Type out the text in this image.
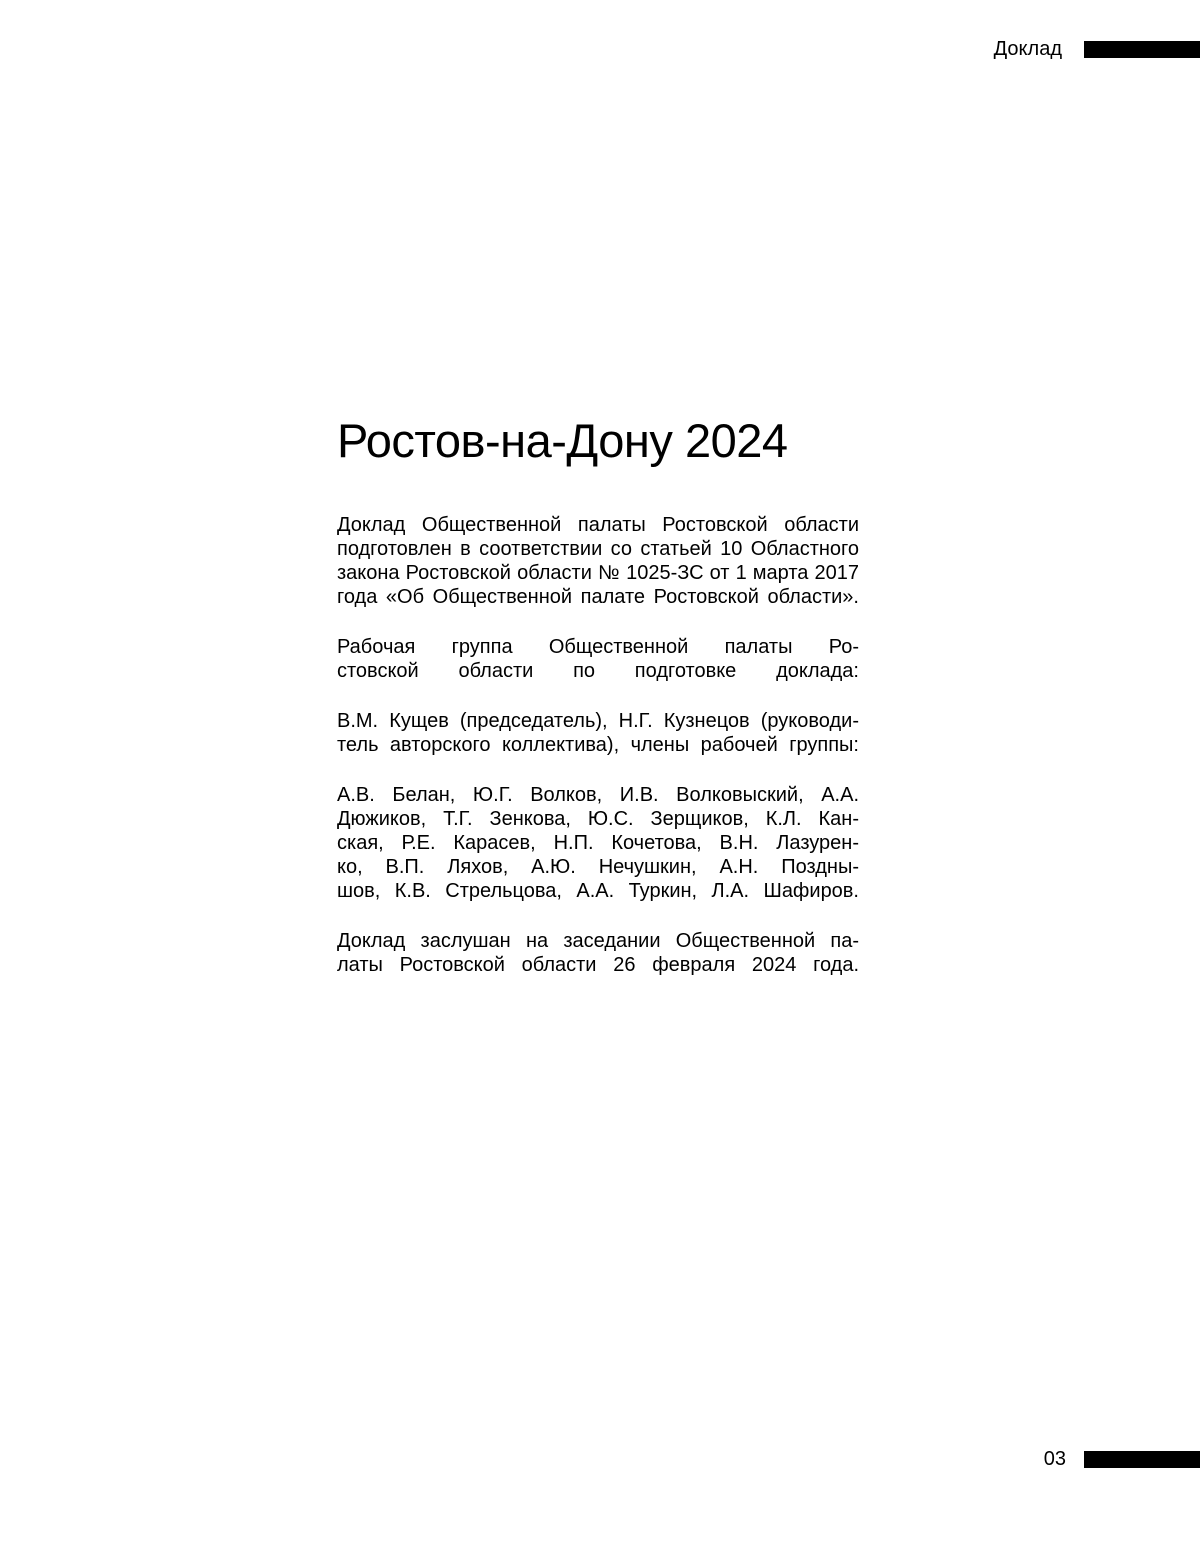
Доклад
Ростов-на-Дону 2024
Доклад Общественной палаты Ростовской области
подготовлен в соответствии со статьей 10 Областного
закона Ростовской области № 1025-ЗС от 1 марта 2017
года «Об Общественной палате Ростовской области».
Рабочая группа Общественной палаты Ро-
стовской области по подготовке доклада:
В.М. Кущев (председатель), Н.Г. Кузнецов (руководи-
тель авторского коллектива), члены рабочей группы:
А.В. Белан, Ю.Г. Волков, И.В. Волковыский, А.А.
Дюжиков, Т.Г. Зенкова, Ю.С. Зерщиков, К.Л. Кан-
ская, Р.Е. Карасев, Н.П. Кочетова, В.Н. Лазурен-
ко, В.П. Ляхов, А.Ю. Нечушкин, А.Н. Поздны-
шов, К.В. Стрельцова, А.А. Туркин, Л.А. Шафиров.
Доклад заслушан на заседании Общественной па-
латы Ростовской области 26 февраля 2024 года.
03
